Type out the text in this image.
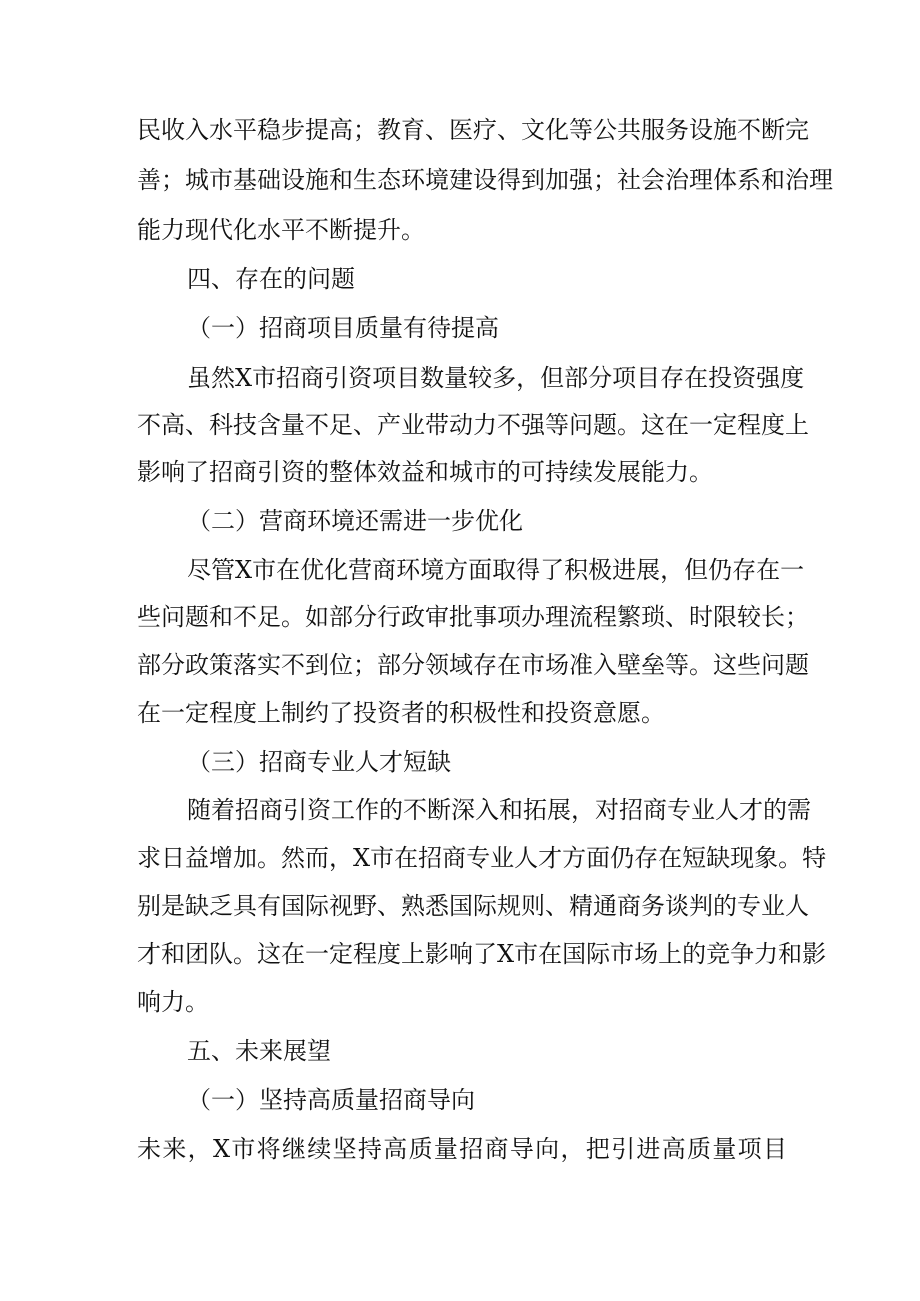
民收入水平稳步提高；教育、医疗、文化等公共服务设施不断完
善；城市基础设施和生态环境建设得到加强；社会治理体系和治理
能力现代化水平不断提升。
四、存在的问题
（一）招商项目质量有待提高
虽然X市招商引资项目数量较多，但部分项目存在投资强度
不高、科技含量不足、产业带动力不强等问题。这在一定程度上
影响了招商引资的整体效益和城市的可持续发展能力。
（二）营商环境还需进一步优化
尽管X市在优化营商环境方面取得了积极进展，但仍存在一
些问题和不足。如部分行政审批事项办理流程繁琐、时限较长；
部分政策落实不到位；部分领域存在市场准入壁垒等。这些问题
在一定程度上制约了投资者的积极性和投资意愿。
（三）招商专业人才短缺
随着招商引资工作的不断深入和拓展，对招商专业人才的需
求日益增加。然而，X市在招商专业人才方面仍存在短缺现象。特
别是缺乏具有国际视野、熟悉国际规则、精通商务谈判的专业人
才和团队。这在一定程度上影响了X市在国际市场上的竞争力和影
响力。
五、未来展望
（一）坚持高质量招商导向
未来，X市将继续坚持高质量招商导向，把引进高质量项目
